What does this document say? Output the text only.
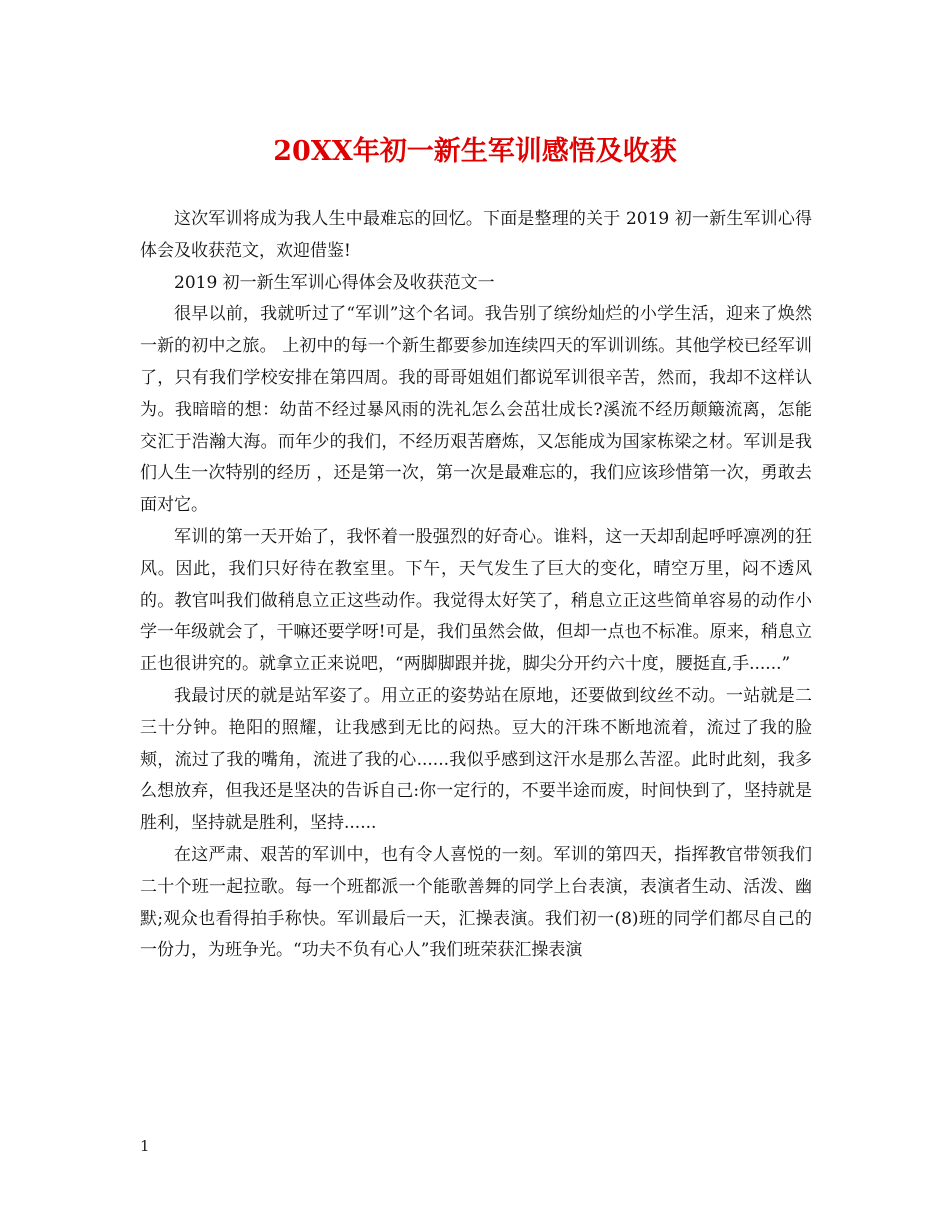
20XX年初一新生军训感悟及收获

这次军训将成为我人生中最难忘的回忆。下面是整理的关于 2019 初一新生军训心得体会及收获范文，欢迎借鉴!

2019 初一新生军训心得体会及收获范文一

很早以前，我就听过了“军训”这个名词。我告别了缤纷灿烂的小学生活，迎来了焕然一新的初中之旅。 上初中的每一个新生都要参加连续四天的军训训练。其他学校已经军训了，只有我们学校安排在第四周。我的哥哥姐姐们都说军训很辛苦，然而，我却不这样认为。我暗暗的想：幼苗不经过暴风雨的洗礼怎么会茁壮成长?溪流不经历颠簸流离，怎能交汇于浩瀚大海。而年少的我们，不经历艰苦磨炼，又怎能成为国家栋梁之材。军训是我们人生一次特别的经历 ，还是第一次，第一次是最难忘的，我们应该珍惜第一次，勇敢去面对它。

军训的第一天开始了，我怀着一股强烈的好奇心。谁料，这一天却刮起呼呼凛冽的狂风。因此，我们只好待在教室里。下午，天气发生了巨大的变化，晴空万里，闷不透风的。教官叫我们做稍息立正这些动作。我觉得太好笑了，稍息立正这些简单容易的动作小学一年级就会了，干嘛还要学呀!可是，我们虽然会做，但却一点也不标准。原来，稍息立正也很讲究的。就拿立正来说吧，“两脚脚跟并拢，脚尖分开约六十度，腰挺直,手......”

我最讨厌的就是站军姿了。用立正的姿势站在原地，还要做到纹丝不动。一站就是二三十分钟。艳阳的照耀，让我感到无比的闷热。豆大的汗珠不断地流着，流过了我的脸颊，流过了我的嘴角，流进了我的心......我似乎感到这汗水是那么苦涩。此时此刻，我多么想放弃，但我还是坚决的告诉自己:你一定行的，不要半途而废，时间快到了，坚持就是胜利，坚持就是胜利，坚持......

在这严肃、艰苦的军训中，也有令人喜悦的一刻。军训的第四天，指挥教官带领我们二十个班一起拉歌。每一个班都派一个能歌善舞的同学上台表演，表演者生动、活泼、幽默;观众也看得拍手称快。军训最后一天，汇操表演。我们初一(8)班的同学们都尽自己的一份力，为班争光。“功夫不负有心人”我们班荣获汇操表演

1
